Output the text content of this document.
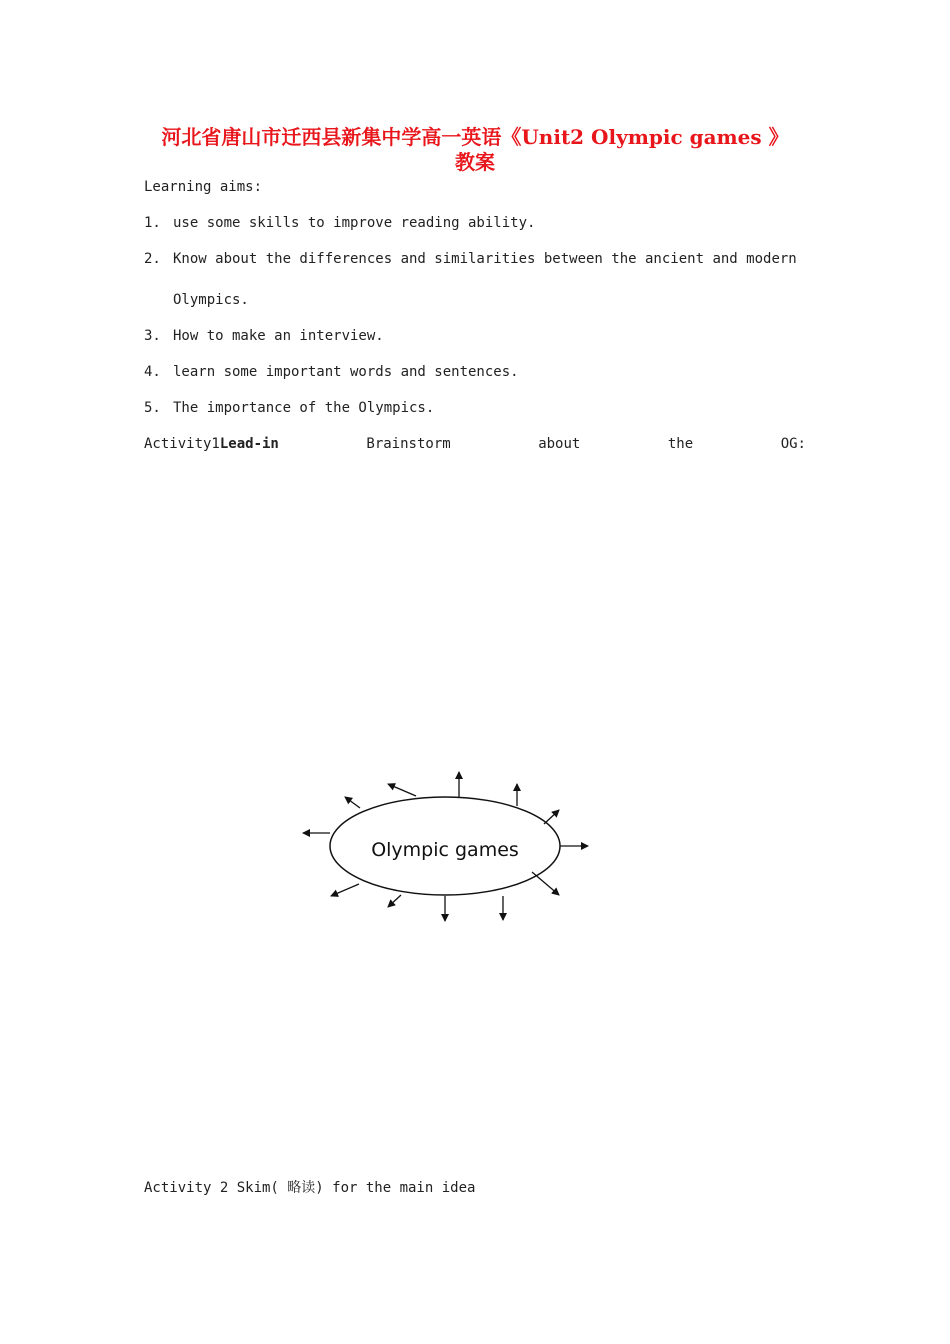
河北省唐山市迁西县新集中学高一英语《Unit2 Olympic games 》
教案
Learning aims:
1. use some skills to improve reading ability.
2. Know about the differences and similarities between the ancient and modern
Olympics.
3. How to make an interview.
4. learn some important words and sentences.
5. The importance of the Olympics.
Activity1Lead-in	Brainstorm	about	the	OG:
Olympic games
Activity 2 Skim( 略读) for the main idea
